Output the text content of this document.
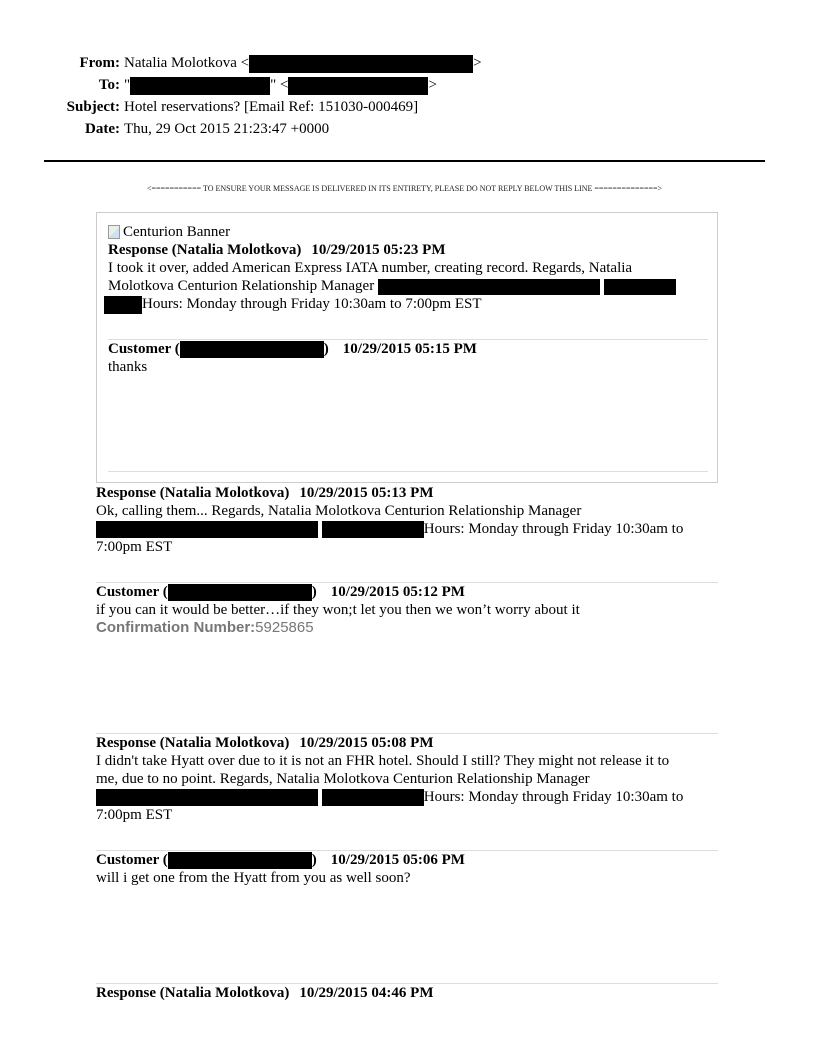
From: Natalia Molotkova <	>
To: "	" <	>
Subject: Hotel reservations? [Email Ref: 151030-000469]
Date: Thu, 29 Oct 2015 21:23:47 +0000
<=========== TO ENSURE YOUR MESSAGE IS DELIVERED IN ITS ENTIRETY, PLEASE DO NOT REPLY BELOW THIS LINE ==============>
Centurion Banner
Response (Natalia Molotkova) 10/29/2015 05:23 PM
I took it over, added American Express IATA number, creating record. Regards, Natalia
Molotkova Centurion Relationship Manager
Hours: Monday through Friday 10:30am to 7:00pm EST
Customer (	) 10/29/2015 05:15 PM
thanks
Response (Natalia Molotkova) 10/29/2015 05:13 PM
Ok, calling them... Regards, Natalia Molotkova Centurion Relationship Manager
Hours: Monday through Friday 10:30am to
7:00pm EST
Customer (	) 10/29/2015 05:12 PM
if you can it would be better…if they won;t let you then we won’t worry about it
Confirmation Number:5925865
Response (Natalia Molotkova) 10/29/2015 05:08 PM
I didn't take Hyatt over due to it is not an FHR hotel. Should I still? They might not release it to
me, due to no point. Regards, Natalia Molotkova Centurion Relationship Manager
Hours: Monday through Friday 10:30am to
7:00pm EST
Customer (	) 10/29/2015 05:06 PM
will i get one from the Hyatt from you as well soon?
Response (Natalia Molotkova) 10/29/2015 04:46 PM
